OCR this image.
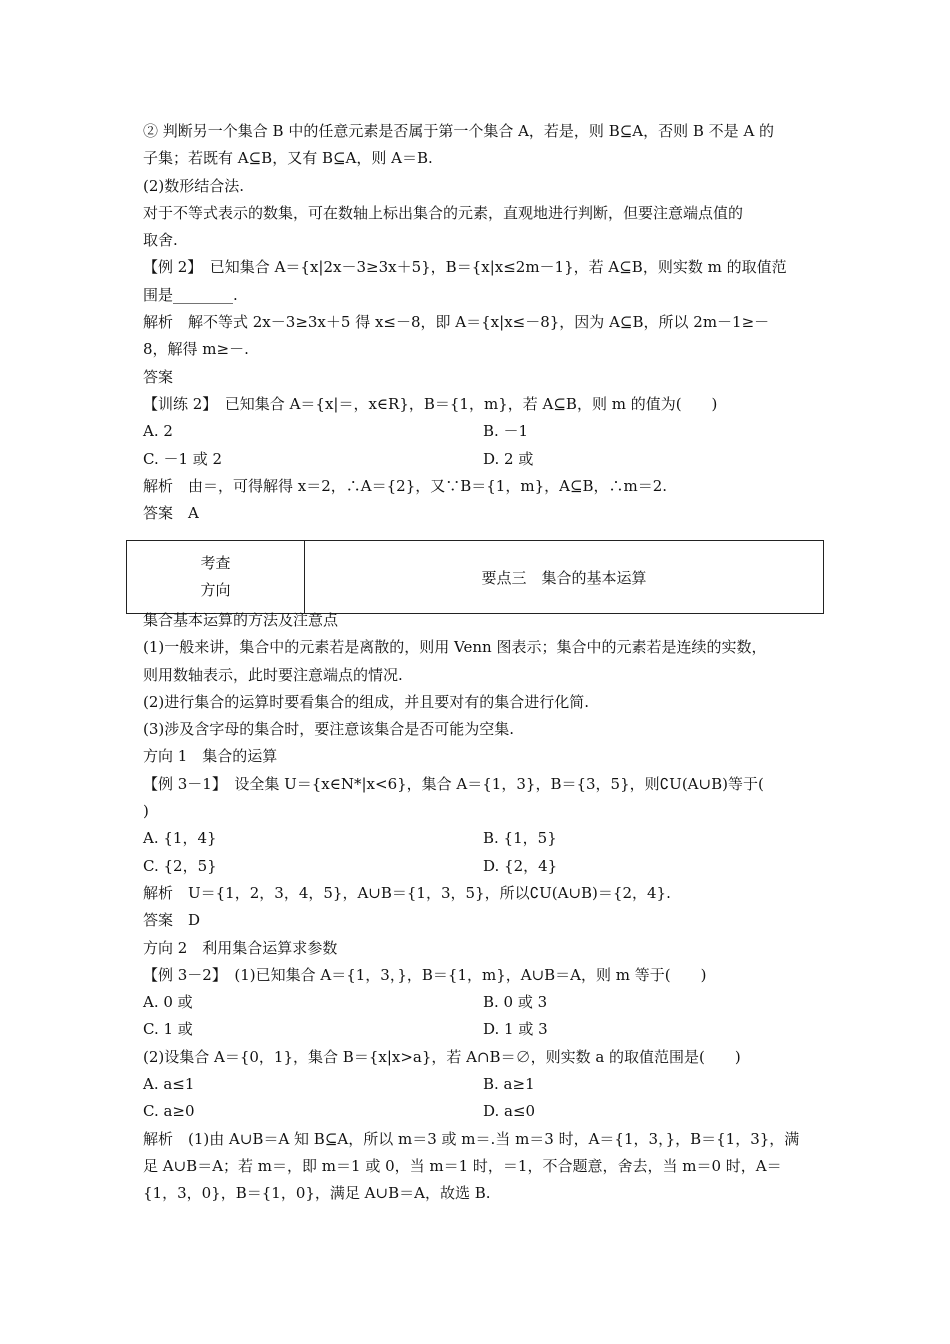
② 判断另一个集合 B 中的任意元素是否属于第一个集合 A，若是，则 B⊆A，否则 B 不是 A 的
子集；若既有 A⊆B，又有 B⊆A，则 A＝B.
(2)数形结合法.
对于不等式表示的数集，可在数轴上标出集合的元素，直观地进行判断，但要注意端点值的
取舍.
【例 2】　已知集合 A＝{x|2x－3≥3x＋5}，B＝{x|x≤2m－1}，若 A⊆B，则实数 m 的取值范
围是________.
解析　解不等式 2x－3≥3x＋5 得 x≤－8，即 A＝{x|x≤－8}，因为 A⊆B，所以 2m－1≥－
8，解得 m≥－.
答案
【训练 2】　已知集合 A＝{x|＝，x∈R}，B＝{1，m}，若 A⊆B，则 m 的值为(　　)
A. 2	B. －1
C. －1 或 2	D. 2 或
解析　由＝，可得解得 x＝2，∴A＝{2}，又∵B＝{1，m}，A⊆B，∴m＝2.
答案　A
考查
方向
	要点三　集合的基本运算
集合基本运算的方法及注意点
(1)一般来讲，集合中的元素若是离散的，则用 Venn 图表示；集合中的元素若是连续的实数，
则用数轴表示，此时要注意端点的情况.
(2)进行集合的运算时要看集合的组成，并且要对有的集合进行化简.
(3)涉及含字母的集合时，要注意该集合是否可能为空集.
方向 1　集合的运算
【例 3－1】　设全集 U＝{x∈N*|x<6}，集合 A＝{1，3}，B＝{3，5}，则∁U(A∪B)等于(
)
A. {1，4}	B. {1，5}
C. {2，5}	D. {2，4}
解析　U＝{1，2，3，4，5}，A∪B＝{1，3，5}，所以∁U(A∪B)＝{2，4}.
答案　D
方向 2　利用集合运算求参数
【例 3－2】　(1)已知集合 A＝{1，3，}，B＝{1，m}，A∪B＝A，则 m 等于(　　)
A. 0 或	B. 0 或 3
C. 1 或	D. 1 或 3
(2)设集合 A＝{0，1}，集合 B＝{x|x>a}，若 A∩B＝∅，则实数 a 的取值范围是(　　)
A. a≤1	B. a≥1
C. a≥0	D. a≤0
解析　(1)由 A∪B＝A 知 B⊆A，所以 m＝3 或 m＝.当 m＝3 时，A＝{1，3，}，B＝{1，3}，满
足 A∪B＝A；若 m＝，即 m＝1 或 0，当 m＝1 时，＝1，不合题意，舍去，当 m＝0 时，A＝
{1，3，0}，B＝{1，0}，满足 A∪B＝A，故选 B.
